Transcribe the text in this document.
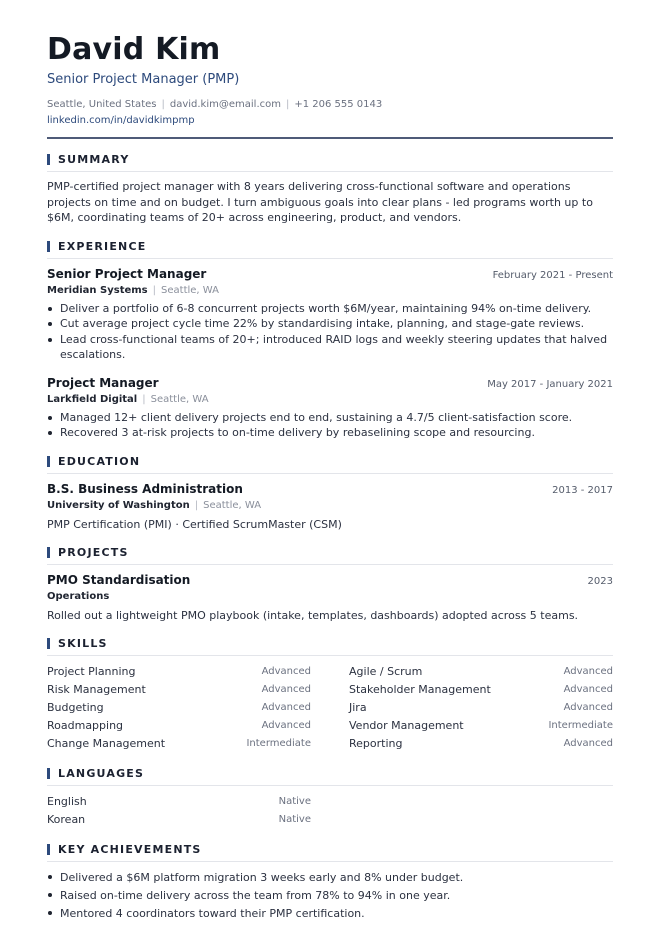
David Kim
Senior Project Manager (PMP)
Seattle, United States | david.kim@email.com | +1 206 555 0143
linkedin.com/in/davidkimpmp
SUMMARY
PMP-certified project manager with 8 years delivering cross-functional software and operations projects on time and on budget. I turn ambiguous goals into clear plans - led programs worth up to $6M, coordinating teams of 20+ across engineering, product, and vendors.
EXPERIENCE
Senior Project Manager	February 2021 - Present
Meridian Systems | Seattle, WA
Deliver a portfolio of 6-8 concurrent projects worth $6M/year, maintaining 94% on-time delivery.
Cut average project cycle time 22% by standardising intake, planning, and stage-gate reviews.
Lead cross-functional teams of 20+; introduced RAID logs and weekly steering updates that halved escalations.
Project Manager	May 2017 - January 2021
Larkfield Digital | Seattle, WA
Managed 12+ client delivery projects end to end, sustaining a 4.7/5 client-satisfaction score.
Recovered 3 at-risk projects to on-time delivery by rebaselining scope and resourcing.
EDUCATION
B.S. Business Administration	2013 - 2017
University of Washington | Seattle, WA
PMP Certification (PMI) · Certified ScrumMaster (CSM)
PROJECTS
PMO Standardisation	2023
Operations
Rolled out a lightweight PMO playbook (intake, templates, dashboards) adopted across 5 teams.
SKILLS
Project Planning	Advanced	Agile / Scrum	Advanced
Risk Management	Advanced	Stakeholder Management	Advanced
Budgeting	Advanced	Jira	Advanced
Roadmapping	Advanced	Vendor Management	Intermediate
Change Management	Intermediate	Reporting	Advanced
LANGUAGES
English	Native
Korean	Native
KEY ACHIEVEMENTS
Delivered a $6M platform migration 3 weeks early and 8% under budget.
Raised on-time delivery across the team from 78% to 94% in one year.
Mentored 4 coordinators toward their PMP certification.
